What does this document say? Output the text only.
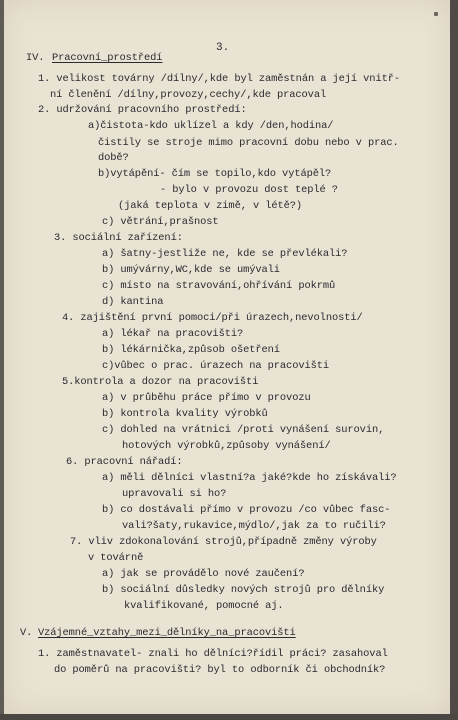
3.
IV. Pracovní_prostředí
1. velikost továrny /dílny/,kde byl zaměstnán a její vnitř-
ní členění /dílny,provozy,cechy/,kde pracoval
2. udržování pracovního prostředí:
a)čistota-kdo uklízel a kdy /den,hodina/
čistily se stroje mimo pracovní dobu nebo v prac.
době?
b)vytápění- čím se topilo,kdo vytápěl?
- bylo v provozu dost teplé ?
(jaká teplota v zimě, v létě?)
c) větrání,prašnost
3. sociální zařízení:
a) šatny-jestliže ne, kde se převlékali?
b) umývárny,WC,kde se umývali
c) místo na stravování,ohřívání pokrmů
d) kantina
4. zajištění první pomoci/při úrazech,nevolnosti/
a) lékař na pracovišti?
b) lékárnička,způsob ošetření
c)vůbec o prac. úrazech na pracovišti
5.kontrola a dozor na pracovišti
a) v průběhu práce přímo v provozu
b) kontrola kvality výrobků
c) dohled na vrátnici /proti vynášení surovin,
hotových výrobků,způsoby vynášení/
6. pracovní nářadí:
a) měli dělníci vlastní?a jaké?kde ho získávali?
upravovali si ho?
b) co dostávali přímo v provozu /co vůbec fasc-
vali?šaty,rukavice,mýdlo/,jak za to ručili?
7. vliv zdokonalování strojů,případně změny výroby
v továrně
a) jak se provádělo nové zaučení?
b) sociální důsledky nových strojů pro dělníky
kvalifikované, pomocné aj.
V. Vzájemné_vztahy_mezi_dělníky_na_pracovišti
1. zaměstnavatel- znali ho dělníci?řídil práci? zasahoval
do poměrů na pracovišti? byl to odborník či obchodník?
